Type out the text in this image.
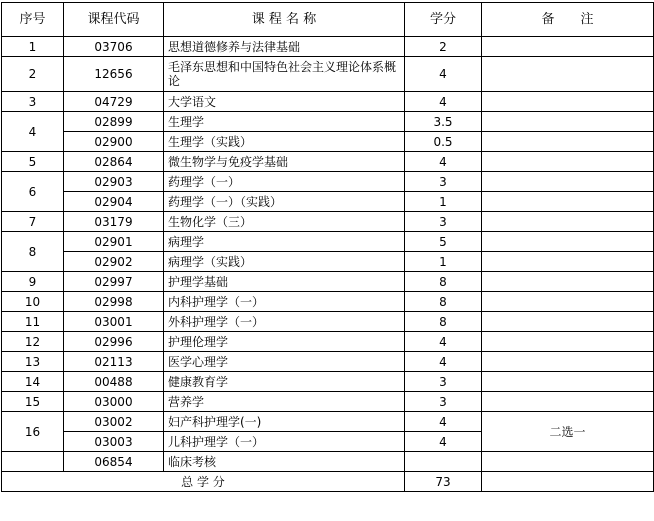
序号	课程代码	课 程 名 称	学分	备　　注
1	03706	思想道德修养与法律基础	2	
2	12656	毛泽东思想和中国特色社会主义理论体系概论	4	
3	04729	大学语文	4	
4	02899	生理学	3.5	
	02900	生理学（实践）	0.5	
5	02864	微生物学与免疫学基础	4	
6	02903	药理学（一）	3	
	02904	药理学（一）（实践）	1	
7	03179	生物化学（三）	3	
8	02901	病理学	5	
	02902	病理学（实践）	1	
9	02997	护理学基础	8	
10	02998	内科护理学（一）	8	
11	03001	外科护理学（一）	8	
12	02996	护理伦理学	4	
13	02113	医学心理学	4	
14	00488	健康教育学	3	
15	03000	营养学	3	
16	03002	妇产科护理学(一)	4	二选一
	03003	儿科护理学（一）	4	
	06854	临床考核		
总 学 分			73	
